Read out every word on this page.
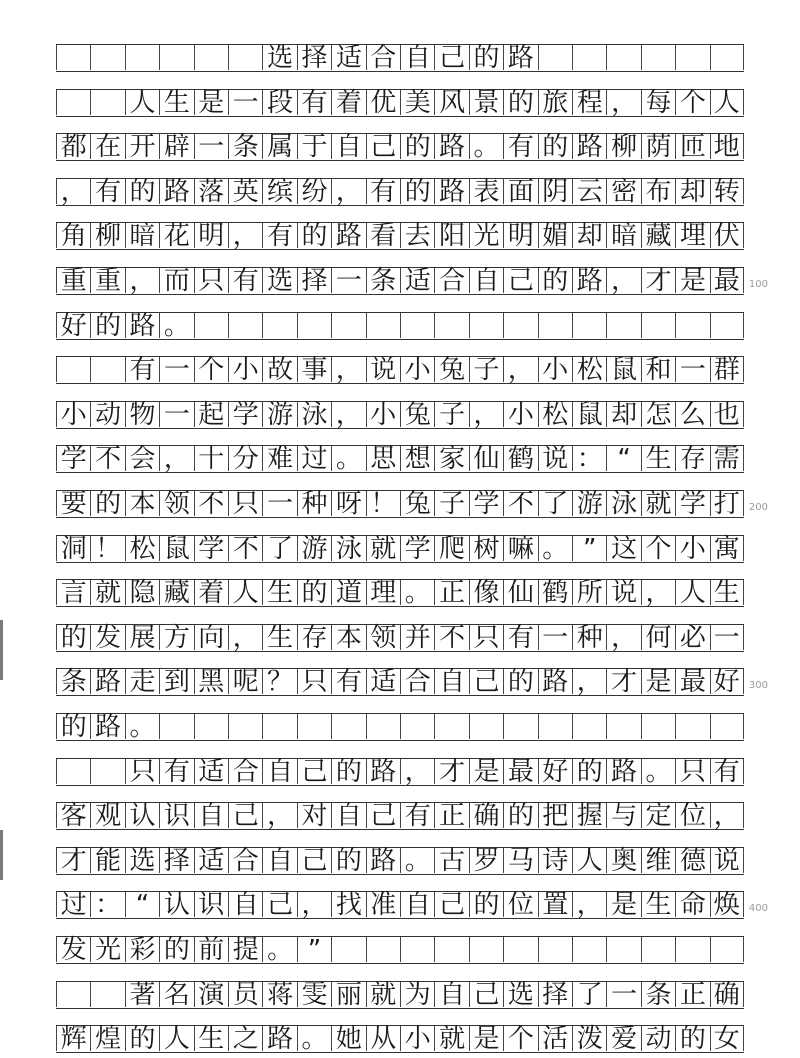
选 择 适 合 自 己 的 路
人 生 是 一 段 有 着 优 美 风 景 的 旅 程 ， 每 个 人
都 在 开 辟 一 条 属 于 自 己 的 路 。 有 的 路 柳 荫 匝 地
， 有 的 路 落 英 缤 纷 ， 有 的 路 表 面 阴 云 密 布 却 转
角 柳 暗 花 明 ， 有 的 路 看 去 阳 光 明 媚 却 暗 藏 埋 伏
重 重 ， 而 只 有 选 择 一 条 适 合 自 己 的 路 ， 才 是 最
好 的 路 。
有 一 个 小 故 事 ， 说 小 兔 子 ， 小 松 鼠 和 一 群
小 动 物 一 起 学 游 泳 ， 小 兔 子 ， 小 松 鼠 却 怎 么 也
学 不 会 ， 十 分 难 过 。 思 想 家 仙 鹤 说 ： “ 生 存 需
要 的 本 领 不 只 一 种 呀 ！ 兔 子 学 不 了 游 泳 就 学 打
洞 ！ 松 鼠 学 不 了 游 泳 就 学 爬 树 嘛 。 ” 这 个 小 寓
言 就 隐 藏 着 人 生 的 道 理 。 正 像 仙 鹤 所 说 ， 人 生
的 发 展 方 向 ， 生 存 本 领 并 不 只 有 一 种 ， 何 必 一
条 路 走 到 黑 呢 ？ 只 有 适 合 自 己 的 路 ， 才 是 最 好
的 路 。
只 有 适 合 自 己 的 路 ， 才 是 最 好 的 路 。 只 有
客 观 认 识 自 己 ， 对 自 己 有 正 确 的 把 握 与 定 位 ，
才 能 选 择 适 合 自 己 的 路 。 古 罗 马 诗 人 奥 维 德 说
过 ： “ 认 识 自 己 ， 找 准 自 己 的 位 置 ， 是 生 命 焕
发 光 彩 的 前 提 。 ”
著 名 演 员 蒋 雯 丽 就 为 自 己 选 择 了 一 条 正 确
辉 煌 的 人 生 之 路 。 她 从 小 就 是 个 活 泼 爱 动 的 女
100
200
300
400
